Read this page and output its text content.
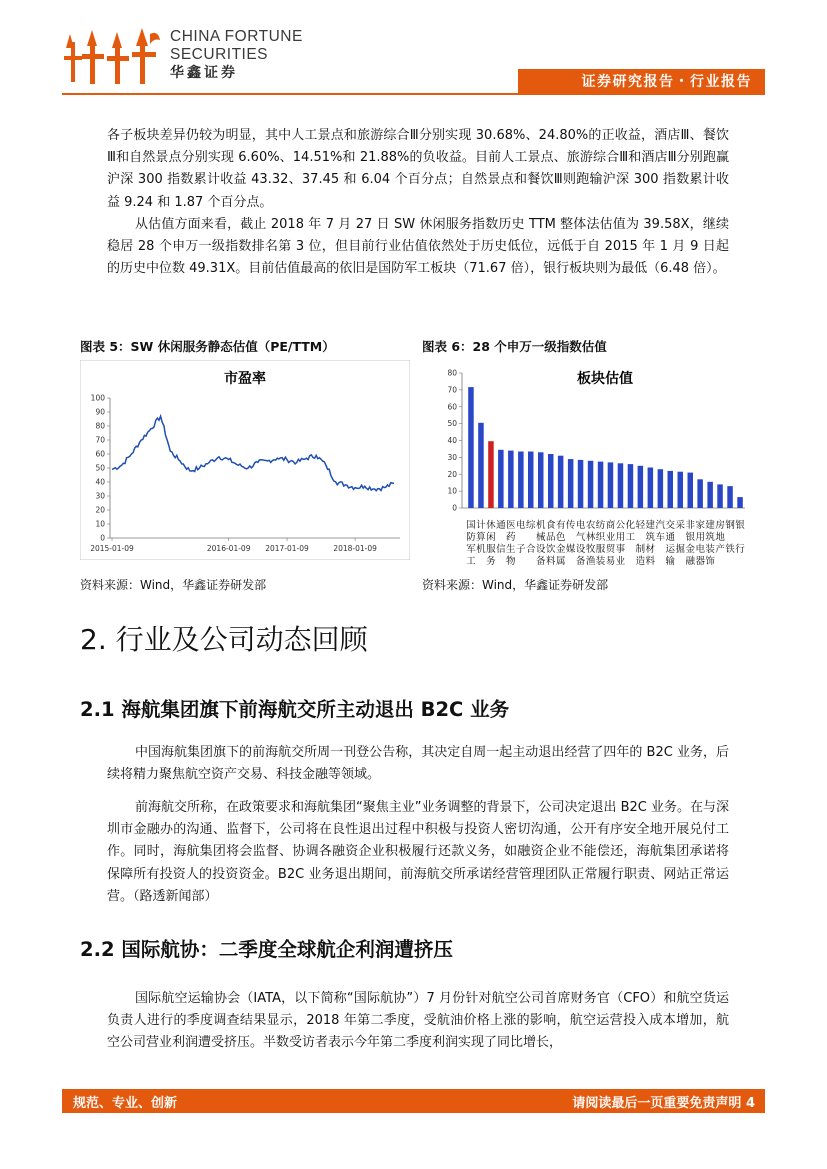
CHINA FORTUNE
SECURITIES
华鑫证券
证券研究报告・行业报告
各子板块差异仍较为明显，其中人工景点和旅游综合Ⅲ分别实现 30.68%、24.80%的正收益，酒店Ⅲ、餐饮Ⅲ和自然景点分别实现 6.60%、14.51%和 21.88%的负收益。目前人工景点、旅游综合Ⅲ和酒店Ⅲ分别跑赢沪深 300 指数累计收益 43.32、37.45 和 6.04 个百分点；自然景点和餐饮Ⅲ则跑输沪深 300 指数累计收益 9.24 和 1.87 个百分点。
从估值方面来看，截止 2018 年 7 月 27 日 SW 休闲服务指数历史 TTM 整体法估值为 39.58X，继续稳居 28 个申万一级指数排名第 3 位，但目前行业估值依然处于历史低位，远低于自 2015 年 1 月 9 日起的历史中位数 49.31X。目前估值最高的依旧是国防军工板块（71.67 倍），银行板块则为最低（6.48 倍）。
图表 5：SW 休闲服务静态估值（PE/TTM）	图表 6：28 个申万一级指数估值
市盈率
0
10
20
30
40
50
60
70
80
90
100
2015-01-09	2016-01-09 2017-01-09	2018-01-09
板块估值
0
10
20
30
40
50
60
70
80
国
防
军
工
计
算
机
休
闲
服
务
通
信
医
药
生
物
电
子
综
合
机
械
设
备
食
品
饮
料
有
色
金
属
传
媒
电
气
设
备
农
林
牧
渔
纺
织
服
装
商
业
贸
易
公
用
事
业
化
工
轻
制
造
建
筑
材
料
汽
车
交
通
运
输
采
掘
非
银
金
融
家
用
电
器
建
筑
装
饰
房
地
产
钢
铁
银
行
资料来源：Wind，华鑫证券研发部	资料来源：Wind，华鑫证券研发部
2. 行业及公司动态回顾
2.1 海航集团旗下前海航交所主动退出 B2C 业务
中国海航集团旗下的前海航交所周一刊登公告称，其决定自周一起主动退出经营了四年的 B2C 业务，后续将精力聚焦航空资产交易、科技金融等领域。
前海航交所称，在政策要求和海航集团“聚焦主业”业务调整的背景下，公司决定退出 B2C 业务。在与深圳市金融办的沟通、监督下，公司将在良性退出过程中积极与投资人密切沟通，公开有序安全地开展兑付工作。同时，海航集团将会监督、协调各融资企业积极履行还款义务，如融资企业不能偿还，海航集团承诺将保障所有投资人的投资资金。B2C 业务退出期间，前海航交所承诺经营管理团队正常履行职责、网站正常运营。（路透新闻部）
2.2 国际航协：二季度全球航企利润遭挤压
国际航空运输协会（IATA，以下简称“国际航协”）7 月份针对航空公司首席财务官（CFO）和航空货运负责人进行的季度调查结果显示，2018 年第二季度，受航油价格上涨的影响，航空运营投入成本增加，航空公司营业利润遭受挤压。半数受访者表示今年第二季度利润实现了同比增长，
规范、专业、创新	请阅读最后一页重要免责声明 4
